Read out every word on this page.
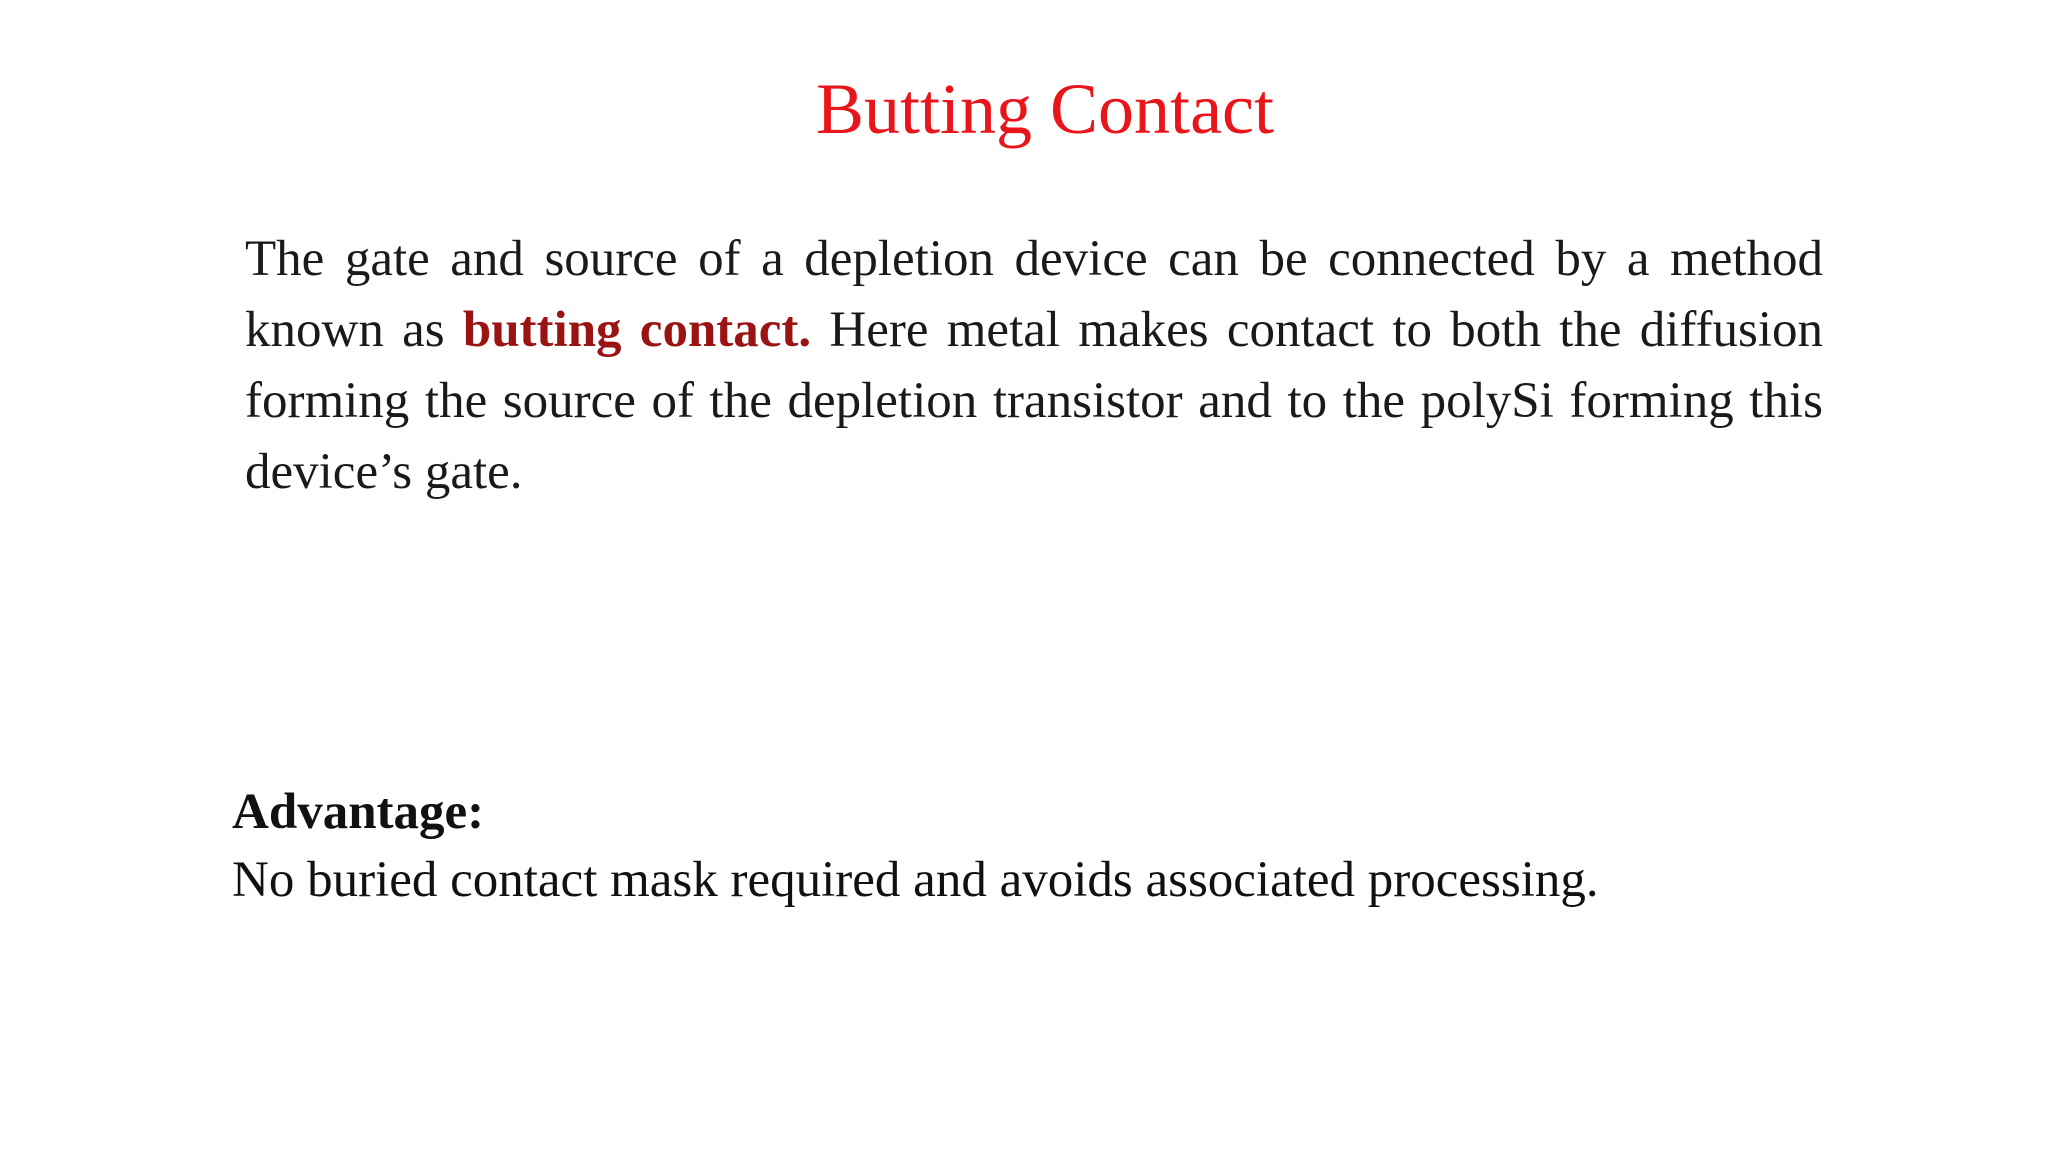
Butting Contact

The gate and source of a depletion device can be connected by a method known as butting contact. Here metal makes contact to both the diffusion forming the source of the depletion transistor and to the polySi forming this device’s gate.

Advantage:

No buried contact mask required and avoids associated processing.
